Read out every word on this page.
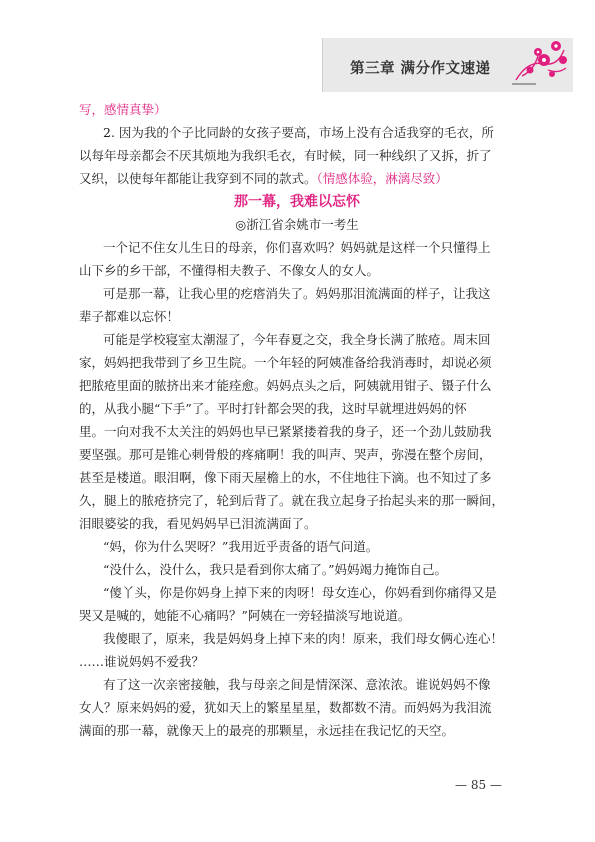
第三章 满分作文速递
写，感情真挚）
2. 因为我的个子比同龄的女孩子要高，市场上没有合适我穿的毛衣，所
以每年母亲都会不厌其烦地为我织毛衣，有时候，同一种线织了又拆，折了
又织，以使每年都能让我穿到不同的款式。（情感体验，淋漓尽致）
那一幕，我难以忘怀
◎浙江省余姚市一考生
一个记不住女儿生日的母亲，你们喜欢吗？妈妈就是这样一个只懂得上
山下乡的乡干部，不懂得相夫教子、不像女人的女人。
可是那一幕，让我心里的疙瘩消失了。妈妈那泪流满面的样子，让我这
辈子都难以忘怀！
可能是学校寝室太潮湿了，今年春夏之交，我全身长满了脓疮。周末回
家，妈妈把我带到了乡卫生院。一个年轻的阿姨准备给我消毒时，却说必须
把脓疮里面的脓挤出来才能痊愈。妈妈点头之后，阿姨就用钳子、镊子什么
的，从我小腿“下手”了。平时打针都会哭的我，这时早就埋进妈妈的怀
里。一向对我不太关注的妈妈也早已紧紧搂着我的身子，还一个劲儿鼓励我
要坚强。那可是锥心刺骨般的疼痛啊！我的叫声、哭声，弥漫在整个房间，
甚至是楼道。眼泪啊，像下雨天屋檐上的水，不住地往下滴。也不知过了多
久，腿上的脓疮挤完了，轮到后背了。就在我立起身子抬起头来的那一瞬间，
泪眼婆娑的我，看见妈妈早已泪流满面了。
“妈，你为什么哭呀？”我用近乎责备的语气问道。
“没什么，没什么，我只是看到你太痛了。”妈妈竭力掩饰自己。
“傻丫头，你是你妈身上掉下来的肉呀！母女连心，你妈看到你痛得又是
哭又是喊的，她能不心痛吗？”阿姨在一旁轻描淡写地说道。
我傻眼了，原来，我是妈妈身上掉下来的肉！原来，我们母女俩心连心！
……谁说妈妈不爱我？
有了这一次亲密接触，我与母亲之间是情深深、意浓浓。谁说妈妈不像
女人？原来妈妈的爱，犹如天上的繁星星星，数都数不清。而妈妈为我泪流
满面的那一幕，就像天上的最亮的那颗星，永远挂在我记忆的天空。
— 85 —
